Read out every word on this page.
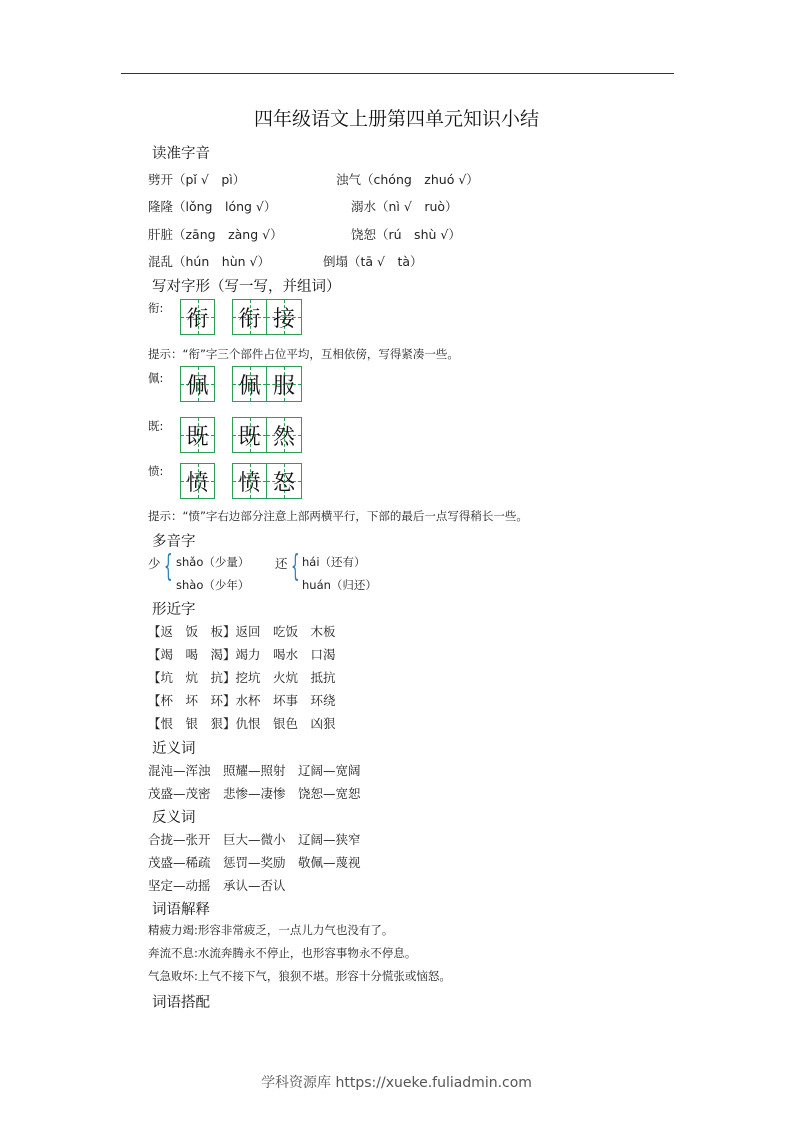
四年级语文上册第四单元知识小结
读准字音
劈开（pǐ √　pì）
隆隆（lǒng　lóng √）
肝脏（zāng　zàng √）
混乱（hún　hùn √）
浊气（chóng　zhuó √）
溺水（nì √　ruò）
饶恕（rú　shù √）
倒塌（tā √　tà）
写对字形（写一写，并组词）
衔: 衔 衔 接
提示：“衔”字三个部件占位平均，互相依傍，写得紧凑一些。
佩: 佩 佩 服
既: 既 既 然
愤: 愤 愤 怒
提示：“愤”字右边部分注意上部两横平行，下部的最后一点写得稍长一些。
多音字
少 { shǎo（少量）
shào（少年）
还 { hái（还有）
huán（归还）
形近字
【返　饭　板】返回　吃饭　木板
【竭　喝　渴】竭力　喝水　口渴
【坑　炕　抗】挖坑　火炕　抵抗
【杯　坏　环】水杯　坏事　环绕
【恨　银　狠】仇恨　银色　凶狠
近义词
混沌—浑浊　照耀—照射　辽阔—宽阔
茂盛—茂密　悲惨—凄惨　饶恕—宽恕
反义词
合拢—张开　巨大—微小　辽阔—狭窄
茂盛—稀疏　惩罚—奖励　敬佩—蔑视
坚定—动摇　承认—否认
词语解释
精疲力竭:形容非常疲乏，一点儿力气也没有了。
奔流不息:水流奔腾永不停止，也形容事物永不停息。
气急败坏:上气不接下气，狼狈不堪。形容十分慌张或恼怒。
词语搭配
学科资源库 https://xueke.fuliadmin.com
